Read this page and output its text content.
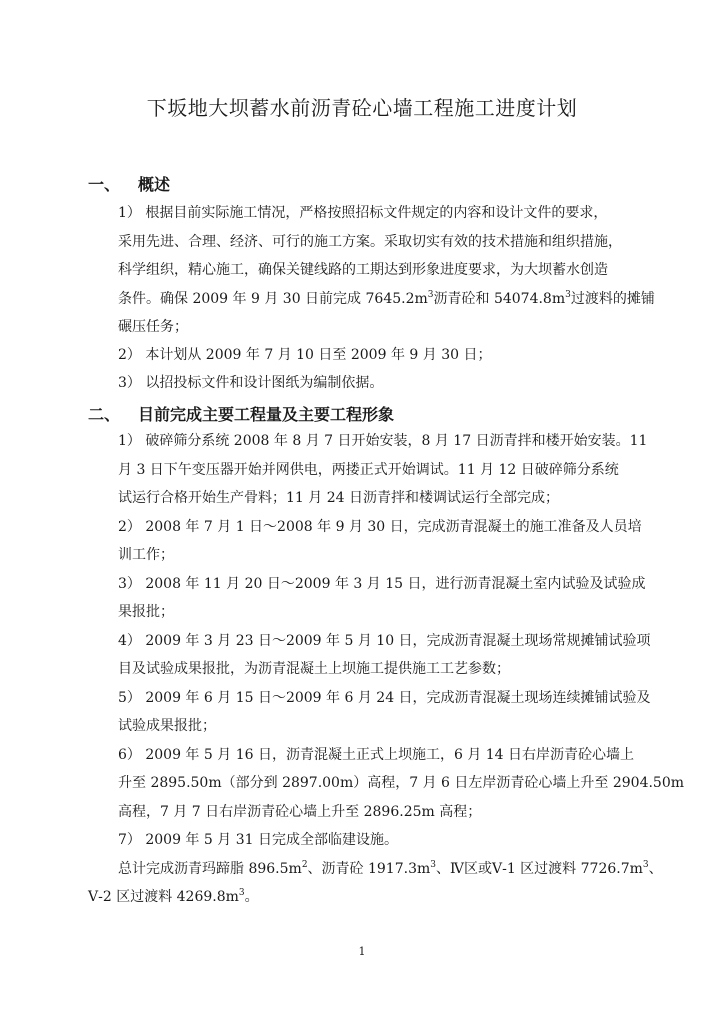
下坂地大坝蓄水前沥青砼心墙工程施工进度计划
一、 概述
1） 根据目前实际施工情况，严格按照招标文件规定的内容和设计文件的要求，
采用先进、合理、经济、可行的施工方案。采取切实有效的技术措施和组织措施，
科学组织，精心施工，确保关键线路的工期达到形象进度要求，为大坝蓄水创造
条件。确保 2009 年 9 月 30 日前完成 $7645.2m^3$沥青砼和 $54074.8m^3$过渡料的摊铺
碾压任务；
2） 本计划从 2009 年 7 月 10 日至 2009 年 9 月 30 日；
3） 以招投标文件和设计图纸为编制依据。
二、 目前完成主要工程量及主要工程形象
1） 破碎筛分系统 2008 年 8 月 7 日开始安装，8 月 17 日沥青拌和楼开始安装。11
月 3 日下午变压器开始并网供电，两搂正式开始调试。11 月 12 日破碎筛分系统
试运行合格开始生产骨料；11 月 24 日沥青拌和楼调试运行全部完成；
2） 2008 年 7 月 1 日～2008 年 9 月 30 日，完成沥青混凝土的施工准备及人员培
训工作；
3） 2008 年 11 月 20 日～2009 年 3 月 15 日，进行沥青混凝土室内试验及试验成
果报批；
4） 2009 年 3 月 23 日～2009 年 5 月 10 日，完成沥青混凝土现场常规摊铺试验项
目及试验成果报批，为沥青混凝土上坝施工提供施工工艺参数；
5） 2009 年 6 月 15 日～2009 年 6 月 24 日，完成沥青混凝土现场连续摊铺试验及
试验成果报批；
6） 2009 年 5 月 16 日，沥青混凝土正式上坝施工，6 月 14 日右岸沥青砼心墙上
升至 2895.50m（部分到 2897.00m）高程，7 月 6 日左岸沥青砼心墙上升至 2904.50m
高程，7 月 7 日右岸沥青砼心墙上升至 2896.25m 高程；
7） 2009 年 5 月 31 日完成全部临建设施。
总计完成沥青玛蹄脂 $896.5m^2$、沥青砼 $1917.3m^3$、Ⅳ区或Ⅴ-1 区过渡料 $7726.7m^3$、
Ⅴ-2 区过渡料 $4269.8m^3$。
1
